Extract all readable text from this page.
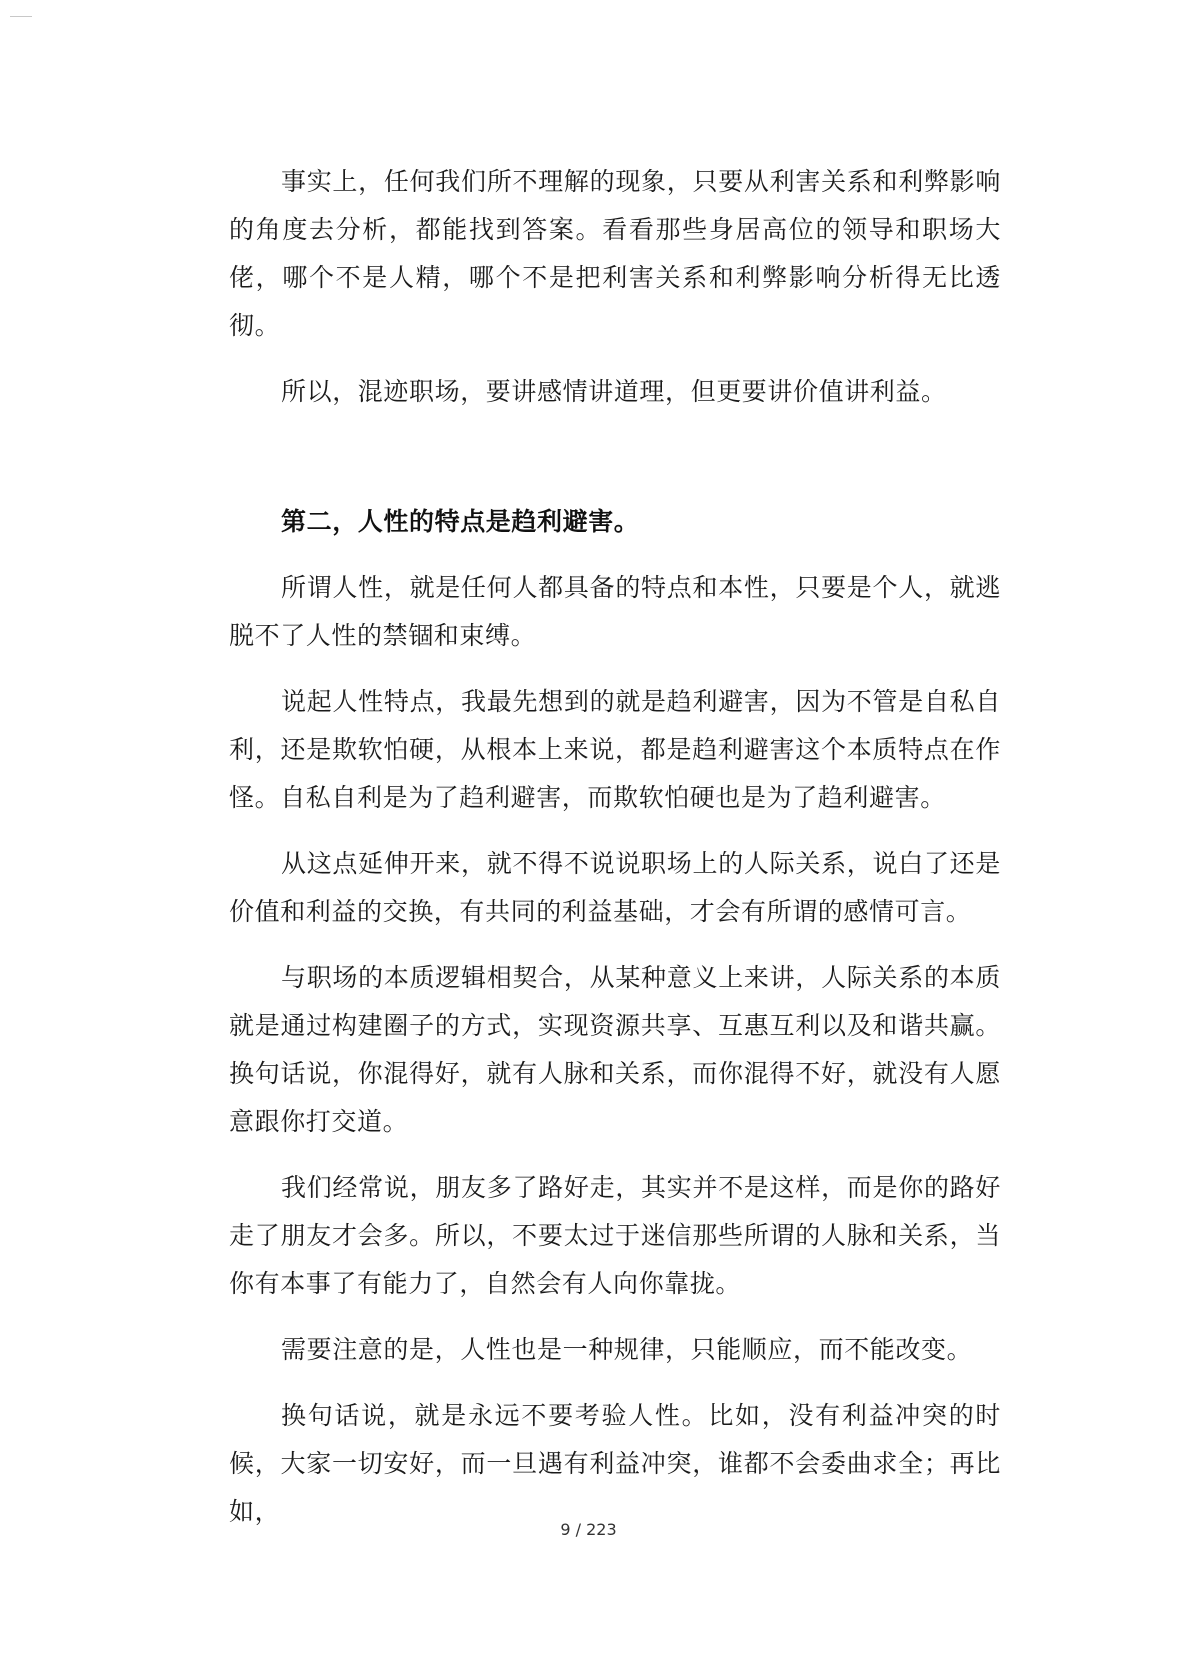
事实上，任何我们所不理解的现象，只要从利害关系和利弊影响的角度去分析，都能找到答案。看看那些身居高位的领导和职场大佬，哪个不是人精，哪个不是把利害关系和利弊影响分析得无比透彻。

所以，混迹职场，要讲感情讲道理，但更要讲价值讲利益。

第二，人性的特点是趋利避害。

所谓人性，就是任何人都具备的特点和本性，只要是个人，就逃脱不了人性的禁锢和束缚。

说起人性特点，我最先想到的就是趋利避害，因为不管是自私自利，还是欺软怕硬，从根本上来说，都是趋利避害这个本质特点在作怪。自私自利是为了趋利避害，而欺软怕硬也是为了趋利避害。

从这点延伸开来，就不得不说说职场上的人际关系，说白了还是价值和利益的交换，有共同的利益基础，才会有所谓的感情可言。

与职场的本质逻辑相契合，从某种意义上来讲，人际关系的本质就是通过构建圈子的方式，实现资源共享、互惠互利以及和谐共赢。换句话说，你混得好，就有人脉和关系，而你混得不好，就没有人愿意跟你打交道。

我们经常说，朋友多了路好走，其实并不是这样，而是你的路好走了朋友才会多。所以，不要太过于迷信那些所谓的人脉和关系，当你有本事了有能力了，自然会有人向你靠拢。

需要注意的是，人性也是一种规律，只能顺应，而不能改变。

换句话说，就是永远不要考验人性。比如，没有利益冲突的时候，大家一切安好，而一旦遇有利益冲突，谁都不会委曲求全；再比如，

9 / 223
